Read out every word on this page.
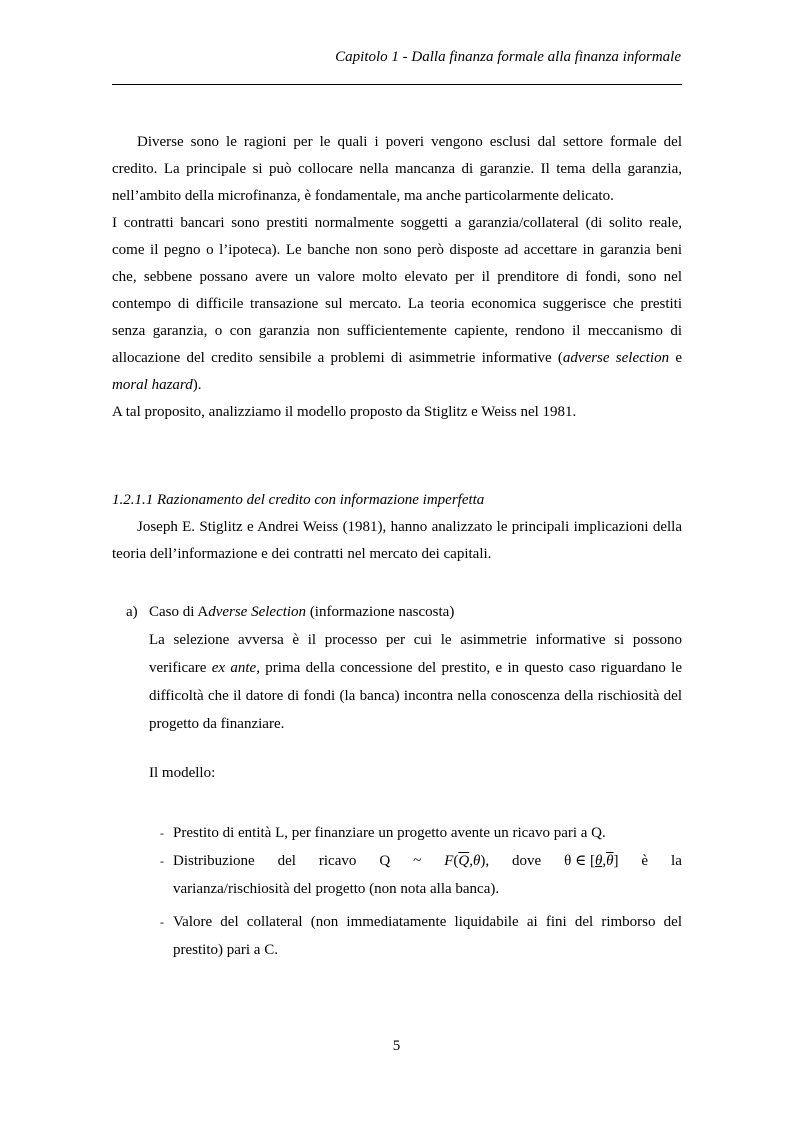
Capitolo 1 - Dalla finanza formale alla finanza informale

Diverse sono le ragioni per le quali i poveri vengono esclusi dal settore formale del credito. La principale si può collocare nella mancanza di garanzie. Il tema della garanzia, nell’ambito della microfinanza, è fondamentale, ma anche particolarmente delicato.

I contratti bancari sono prestiti normalmente soggetti a garanzia/collateral (di solito reale, come il pegno o l’ipoteca). Le banche non sono però disposte ad accettare in garanzia beni che, sebbene possano avere un valore molto elevato per il prenditore di fondi, sono nel contempo di difficile transazione sul mercato. La teoria economica suggerisce che prestiti senza garanzia, o con garanzia non sufficientemente capiente, rendono il meccanismo di allocazione del credito sensibile a problemi di asimmetrie informative (adverse selection e moral hazard).

A tal proposito, analizziamo il modello proposto da Stiglitz e Weiss nel 1981.

1.2.1.1 Razionamento del credito con informazione imperfetta

Joseph E. Stiglitz e Andrei Weiss (1981), hanno analizzato le principali implicazioni della teoria dell’informazione e dei contratti nel mercato dei capitali.

a) Caso di Adverse Selection (informazione nascosta)

La selezione avversa è il processo per cui le asimmetrie informative si possono verificare ex ante, prima della concessione del prestito, e in questo caso riguardano le difficoltà che il datore di fondi (la banca) incontra nella conoscenza della rischiosità del progetto da finanziare.

Il modello:
- Prestito di entità L, per finanziare un progetto avente un ricavo pari a Q.
- Distribuzione del ricavo Q ~ $F(\overline{Q},\theta)$, dove θ ∈ $[\theta,\overline{\theta}]$ è la
varianza/rischiosità del progetto (non nota alla banca).
- Valore del collateral (non immediatamente liquidabile ai fini del rimborso del prestito) pari a C.
5
